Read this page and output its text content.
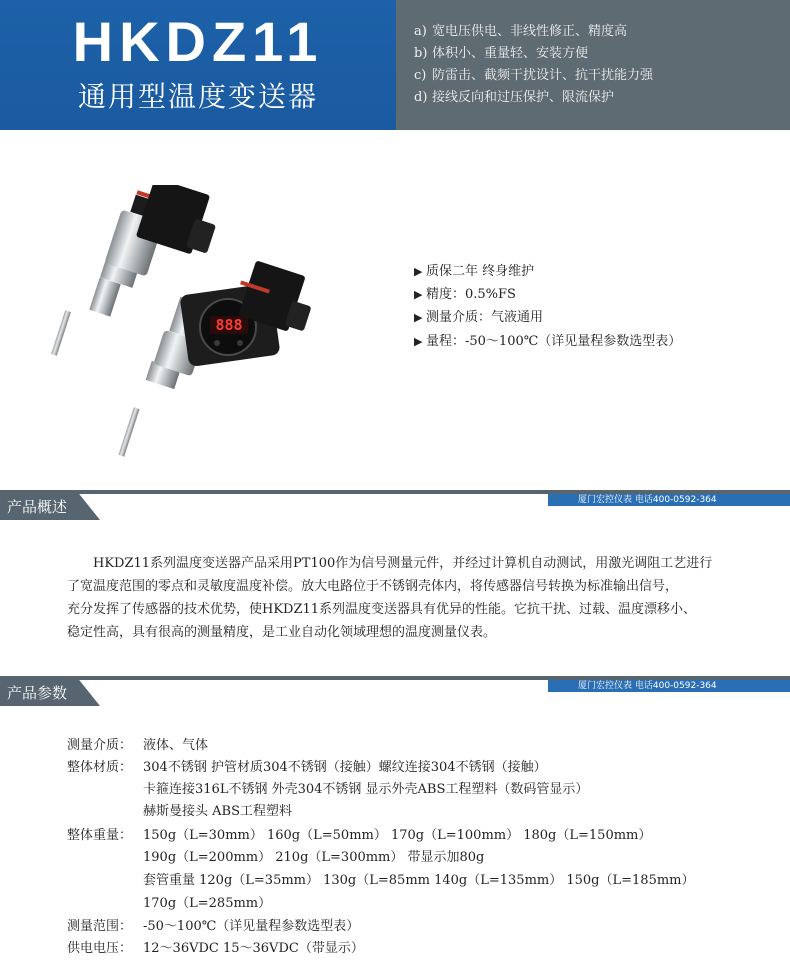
HKDZ11
通用型温度变送器
a) 宽电压供电、非线性修正、精度高
b) 体积小、重量轻、安装方便
c) 防雷击、截频干扰设计、抗干扰能力强
d) 接线反向和过压保护、限流保护
888
▶ 质保二年 终身维护
▶ 精度：0.5%FS
▶ 测量介质：气液通用
▶ 量程：-50～100℃（详见量程参数选型表）
产品概述	厦门宏控仪表 电话400-0592-364

HKDZ11系列温度变送器产品采用PT100作为信号测量元件，并经过计算机自动测试，用激光调阻工艺进行

了宽温度范围的零点和灵敏度温度补偿。放大电路位于不锈钢壳体内，将传感器信号转换为标准输出信号，
充分发挥了传感器的技术优势，使HKDZ11系列温度变送器具有优异的性能。它抗干扰、过载、温度漂移小、
稳定性高，具有很高的测量精度，是工业自动化领域理想的温度测量仪表。
产品参数	厦门宏控仪表 电话400-0592-364
测量介质： 液体、气体
整体材质： 304不锈钢 护管材质304不锈钢（接触）螺纹连接304不锈钢（接触）
卡箍连接316L不锈钢 外壳304不锈钢 显示外壳ABS工程塑料（数码管显示）
赫斯曼接头 ABS工程塑料
整体重量： 150g（L=30mm） 160g（L=50mm） 170g（L=100mm） 180g（L=150mm）
190g（L=200mm） 210g（L=300mm） 带显示加80g
套管重量 120g（L=35mm） 130g（L=85mm 140g（L=135mm） 150g（L=185mm）
170g（L=285mm）
测量范围： -50～100℃（详见量程参数选型表）
供电电压： 12～36VDC 15～36VDC（带显示）
